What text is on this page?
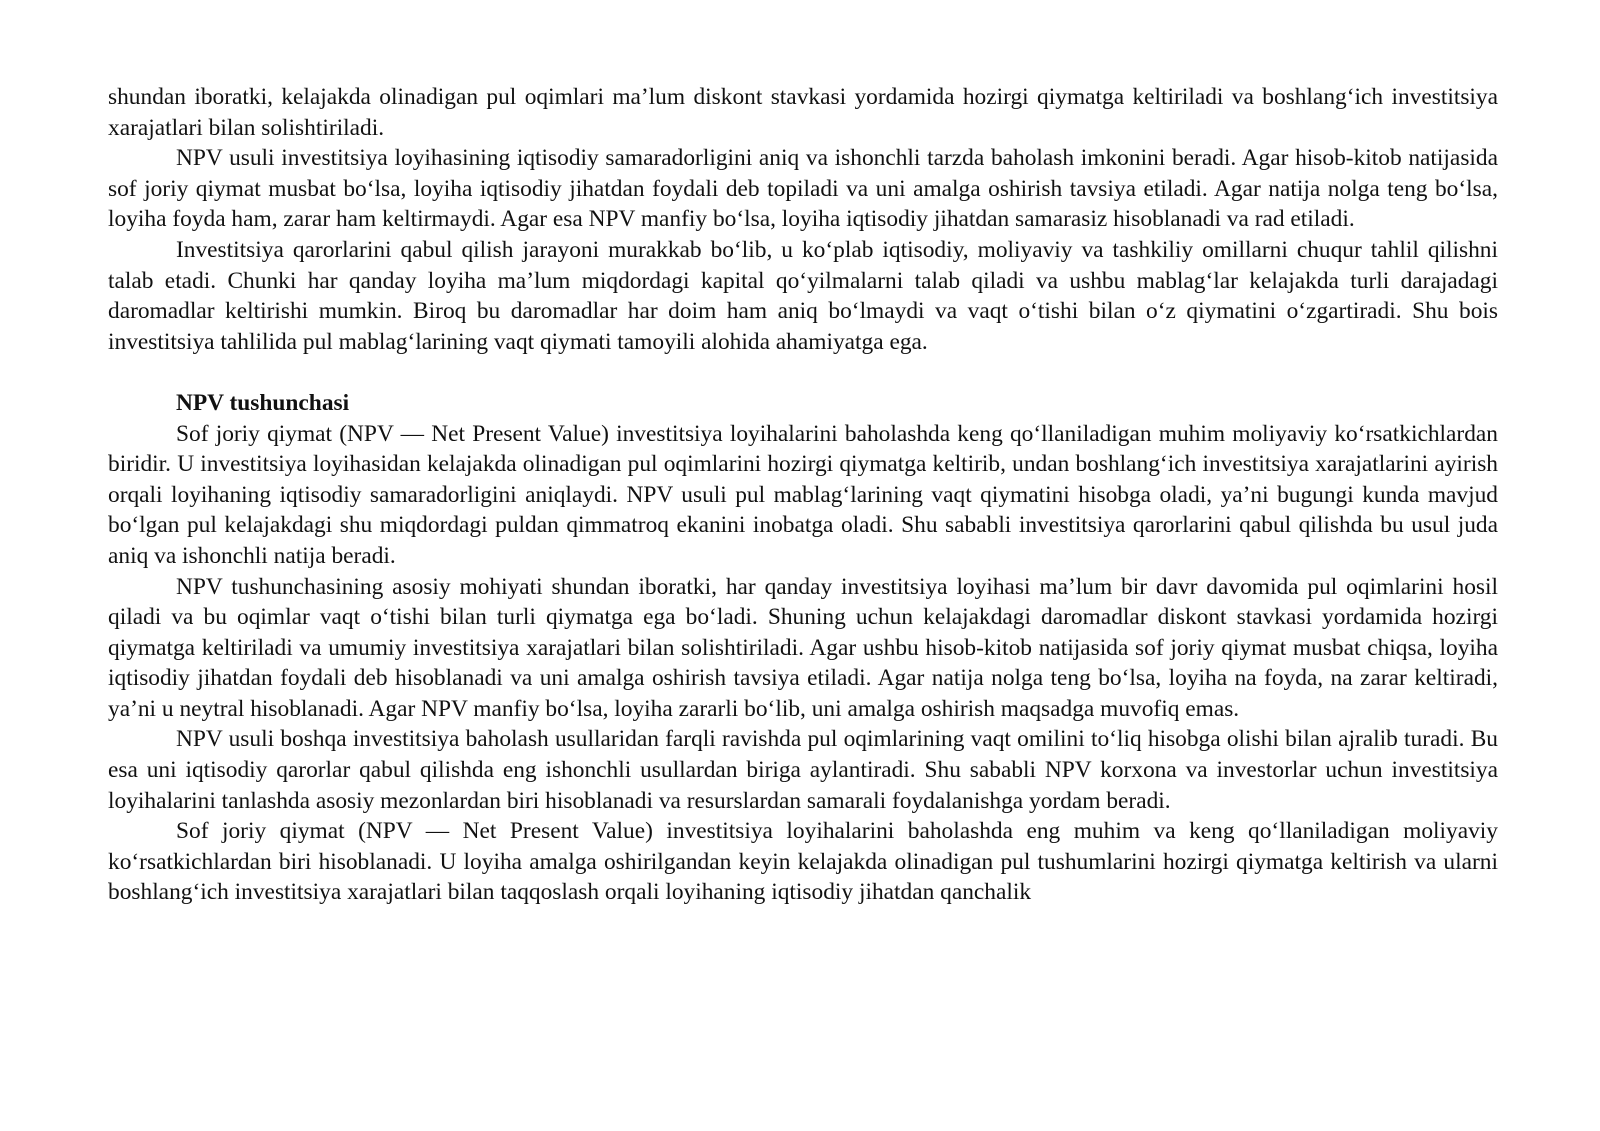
shundan iboratki, kelajakda olinadigan pul oqimlari ma’lum diskont stavkasi yordamida hozirgi qiymatga keltiriladi va boshlang‘ich investitsiya xarajatlari bilan solishtiriladi.

NPV usuli investitsiya loyihasining iqtisodiy samaradorligini aniq va ishonchli tarzda baholash imkonini beradi. Agar hisob-kitob natijasida sof joriy qiymat musbat bo‘lsa, loyiha iqtisodiy jihatdan foydali deb topiladi va uni amalga oshirish tavsiya etiladi. Agar natija nolga teng bo‘lsa, loyiha foyda ham, zarar ham keltirmaydi. Agar esa NPV manfiy bo‘lsa, loyiha iqtisodiy jihatdan samarasiz hisoblanadi va rad etiladi.

Investitsiya qarorlarini qabul qilish jarayoni murakkab bo‘lib, u ko‘plab iqtisodiy, moliyaviy va tashkiliy omillarni chuqur tahlil qilishni talab etadi. Chunki har qanday loyiha ma’lum miqdordagi kapital qo‘yilmalarni talab qiladi va ushbu mablag‘lar kelajakda turli darajadagi daromadlar keltirishi mumkin. Biroq bu daromadlar har doim ham aniq bo‘lmaydi va vaqt o‘tishi bilan o‘z qiymatini o‘zgartiradi. Shu bois investitsiya tahlilida pul mablag‘larining vaqt qiymati tamoyili alohida ahamiyatga ega.

NPV tushunchasi

Sof joriy qiymat (NPV — Net Present Value) investitsiya loyihalarini baholashda keng qo‘llaniladigan muhim moliyaviy ko‘rsatkichlardan biridir. U investitsiya loyihasidan kelajakda olinadigan pul oqimlarini hozirgi qiymatga keltirib, undan boshlang‘ich investitsiya xarajatlarini ayirish orqali loyihaning iqtisodiy samaradorligini aniqlaydi. NPV usuli pul mablag‘larining vaqt qiymatini hisobga oladi, ya’ni bugungi kunda mavjud bo‘lgan pul kelajakdagi shu miqdordagi puldan qimmatroq ekanini inobatga oladi. Shu sababli investitsiya qarorlarini qabul qilishda bu usul juda aniq va ishonchli natija beradi.

NPV tushunchasining asosiy mohiyati shundan iboratki, har qanday investitsiya loyihasi ma’lum bir davr davomida pul oqimlarini hosil qiladi va bu oqimlar vaqt o‘tishi bilan turli qiymatga ega bo‘ladi. Shuning uchun kelajakdagi daromadlar diskont stavkasi yordamida hozirgi qiymatga keltiriladi va umumiy investitsiya xarajatlari bilan solishtiriladi. Agar ushbu hisob-kitob natijasida sof joriy qiymat musbat chiqsa, loyiha iqtisodiy jihatdan foydali deb hisoblanadi va uni amalga oshirish tavsiya etiladi. Agar natija nolga teng bo‘lsa, loyiha na foyda, na zarar keltiradi, ya’ni u neytral hisoblanadi. Agar NPV manfiy bo‘lsa, loyiha zararli bo‘lib, uni amalga oshirish maqsadga muvofiq emas.

NPV usuli boshqa investitsiya baholash usullaridan farqli ravishda pul oqimlarining vaqt omilini to‘liq hisobga olishi bilan ajralib turadi. Bu esa uni iqtisodiy qarorlar qabul qilishda eng ishonchli usullardan biriga aylantiradi. Shu sababli NPV korxona va investorlar uchun investitsiya loyihalarini tanlashda asosiy mezonlardan biri hisoblanadi va resurslardan samarali foydalanishga yordam beradi.

Sof joriy qiymat (NPV — Net Present Value) investitsiya loyihalarini baholashda eng muhim va keng qo‘llaniladigan moliyaviy ko‘rsatkichlardan biri hisoblanadi. U loyiha amalga oshirilgandan keyin kelajakda olinadigan pul tushumlarini hozirgi qiymatga keltirish va ularni boshlang‘ich investitsiya xarajatlari bilan taqqoslash orqali loyihaning iqtisodiy jihatdan qanchalik
